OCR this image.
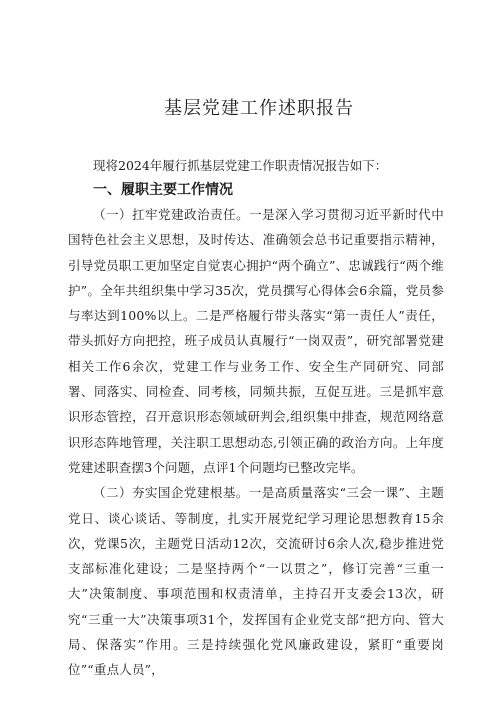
基层党建工作述职报告

现将2024年履行抓基层党建工作职责情况报告如下：

一、履职主要工作情况

（一）扛牢党建政治责任。一是深入学习贯彻习近平新时代中国特色社会主义思想，及时传达、准确领会总书记重要指示精神，引导党员职工更加坚定自觉衷心拥护“两个确立”、忠诚践行“两个维护”。全年共组织集中学习35次，党员撰写心得体会6余篇，党员参与率达到100%以上。二是严格履行带头落实“第一责任人”责任，带头抓好方向把控，班子成员认真履行“一岗双责”，研究部署党建相关工作6余次，党建工作与业务工作、安全生产同研究、同部署、同落实、同检查、同考核，同频共振，互促互进。三是抓牢意识形态管控，召开意识形态领域研判会,组织集中排查，规范网络意识形态阵地管理，关注职工思想动态,引领正确的政治方向。上年度党建述职查摆3个问题，点评1个问题均已整改完毕。

（二）夯实国企党建根基。一是高质量落实“三会一课”、主题党日、谈心谈话、等制度，扎实开展党纪学习理论思想教育15余次，党课5次，主题党日活动12次，交流研讨6余人次,稳步推进党支部标准化建设；二是坚持两个“一以贯之”，修订完善“三重一大”决策制度、事项范围和权责清单，主持召开支委会13次，研究“三重一大”决策事项31个，发挥国有企业党支部“把方向、管大局、保落实”作用。三是持续强化党风廉政建设，紧盯“重要岗位”“重点人员”，
